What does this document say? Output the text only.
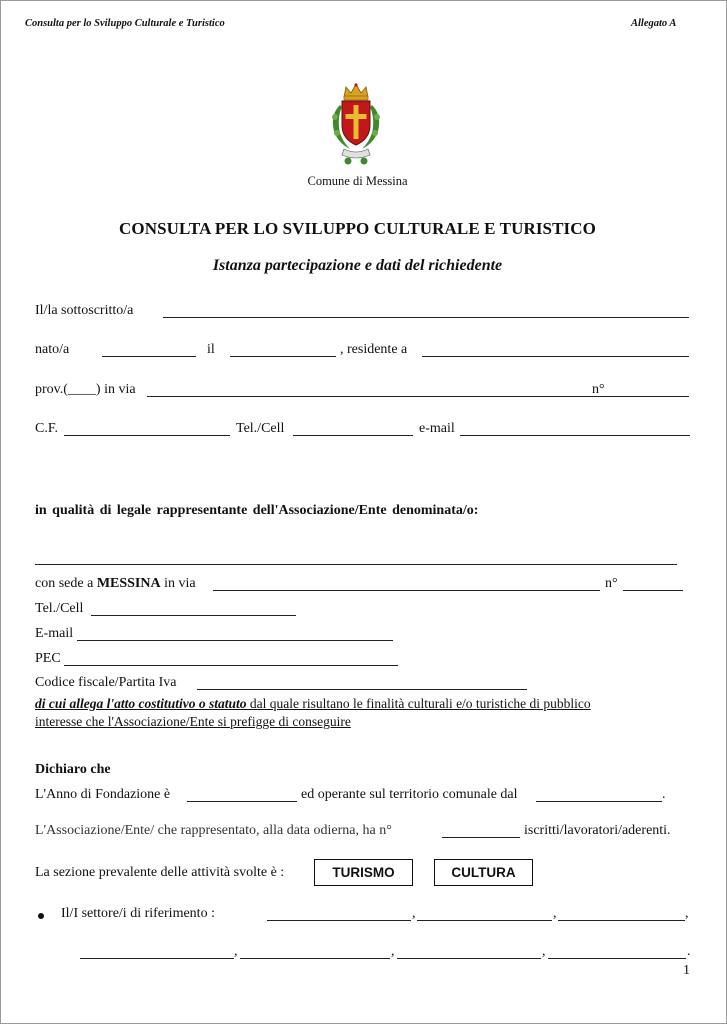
Consulta per lo Sviluppo Culturale e Turistico	Allegato A
Comune di Messina
CONSULTA PER LO SVILUPPO CULTURALE E TURISTICO
Istanza partecipazione e dati del richiedente
Il/la sottoscritto/a
nato/a	il	, residente a
prov.(____) in via	n°
C.F.	Tel./Cell	e-mail
in qualità di legale rappresentante dell'Associazione/Ente denominata/o:
con sede a MESSINA in via	n°
Tel./Cell
E-mail
PEC
Codice fiscale/Partita Iva
di cui allega l'atto costitutivo o statuto dal quale risultano le finalità culturali e/o turistiche di pubblico
interesse che l'Associazione/Ente si prefigge di conseguire
Dichiaro che
L'Anno di Fondazione è	ed operante sul territorio comunale dal	.
L'Associazione/Ente/ che rappresentato, alla data odierna, ha n°	iscritti/lavoratori/aderenti.
La sezione prevalente delle attività svolte è :	TURISMO	CULTURA
Il/I settore/i di riferimento :	,	,	,
,	,	,	.
1
